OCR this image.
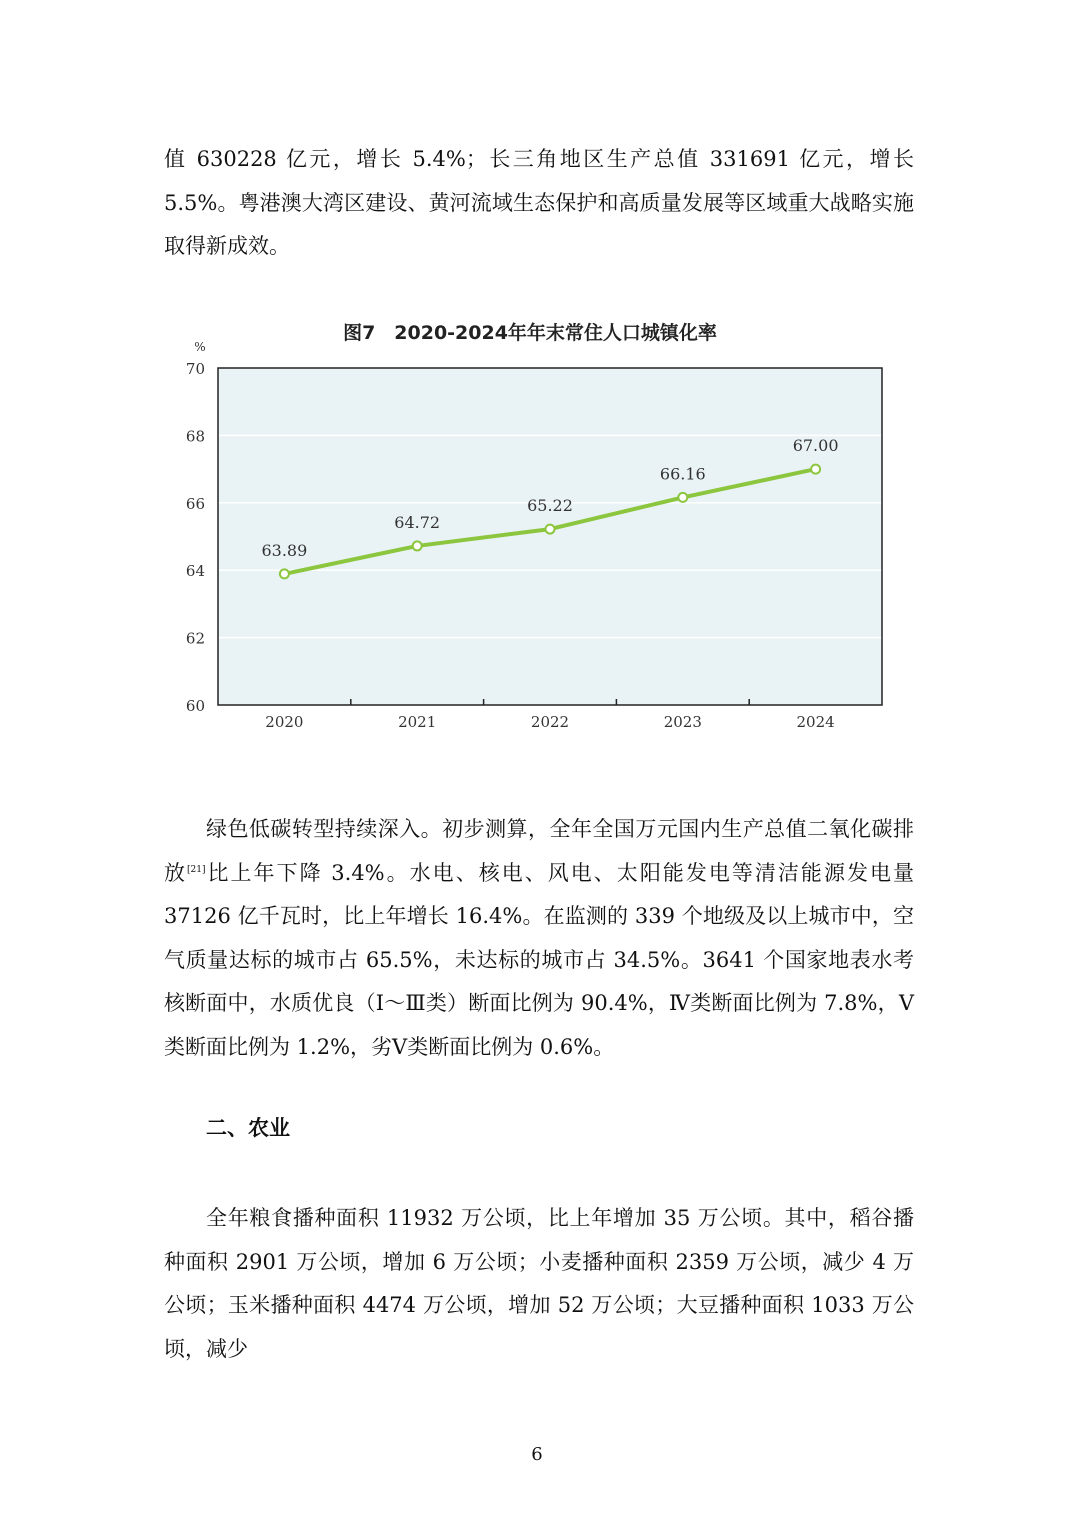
值 630228 亿元，增长 5.4%；长三角地区生产总值 331691 亿元，增长 5.5%。粤港澳大湾区建设、黄河流域生态保护和高质量发展等区域重大战略实施取得新成效。

图7　2020-2024年年末常住人口城镇化率
60
62
64
66
68
70
%
2020	2021	2022	2023	2024
63.89
64.72
65.22
66.16
67.00

绿色低碳转型持续深入。初步测算，全年全国万元国内生产总值二氧化碳排放[21]比上年下降 3.4%。水电、核电、风电、太阳能发电等清洁能源发电量 37126 亿千瓦时，比上年增长 16.4%。在监测的 339 个地级及以上城市中，空气质量达标的城市占 65.5%，未达标的城市占 34.5%。3641 个国家地表水考核断面中，水质优良（Ⅰ～Ⅲ类）断面比例为 90.4%，Ⅳ类断面比例为 7.8%，Ⅴ类断面比例为 1.2%，劣Ⅴ类断面比例为 0.6%。

二、农业

全年粮食播种面积 11932 万公顷，比上年增加 35 万公顷。其中，稻谷播种面积 2901 万公顷，增加 6 万公顷；小麦播种面积 2359 万公顷，减少 4 万公顷；玉米播种面积 4474 万公顷，增加 52 万公顷；大豆播种面积 1033 万公顷，减少

6
